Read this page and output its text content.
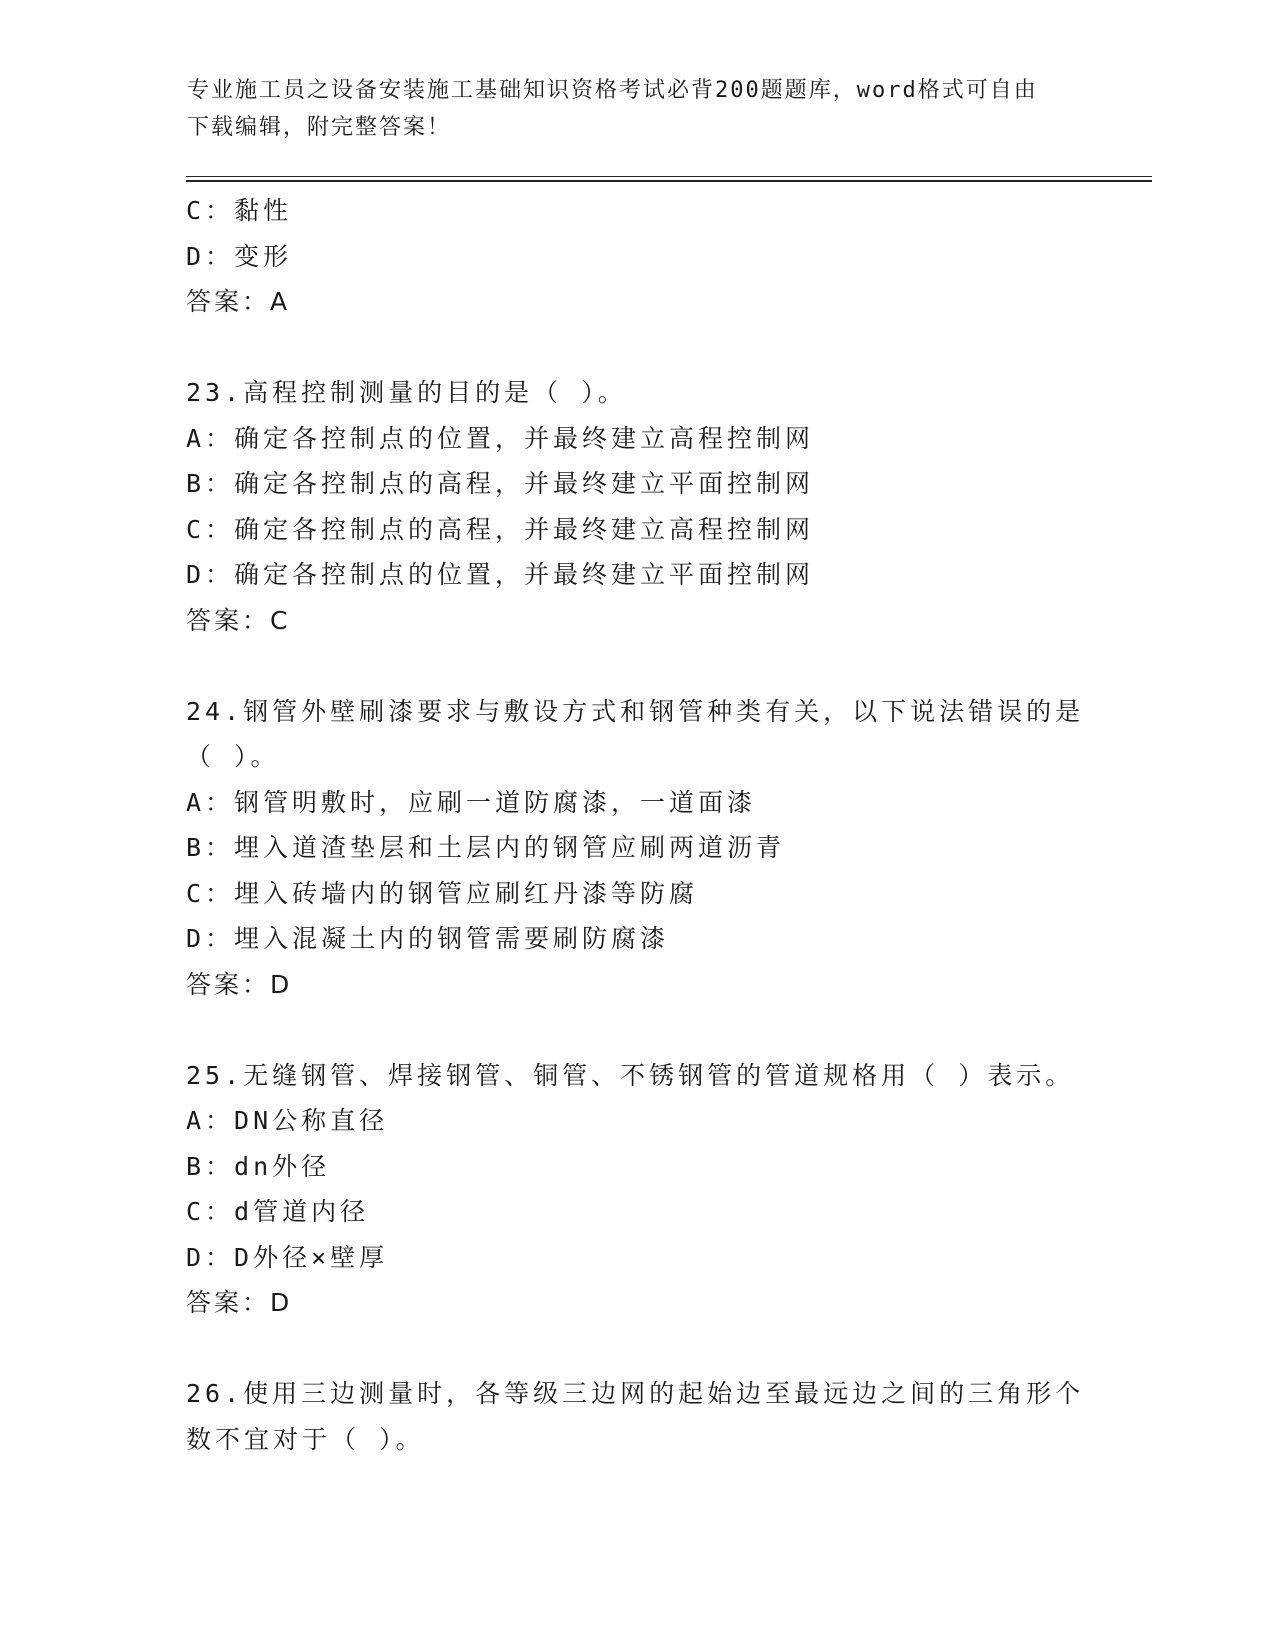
专业施工员之设备安装施工基础知识资格考试必背200题题库，word格式可自由
下载编辑，附完整答案！
C：黏性
D：变形
答案：A
23.高程控制测量的目的是（ ）。
A：确定各控制点的位置，并最终建立高程控制网
B：确定各控制点的高程，并最终建立平面控制网
C：确定各控制点的高程，并最终建立高程控制网
D：确定各控制点的位置，并最终建立平面控制网
答案：C
24.钢管外壁刷漆要求与敷设方式和钢管种类有关，以下说法错误的是
（ ）。
A：钢管明敷时，应刷一道防腐漆，一道面漆
B：埋入道渣垫层和土层内的钢管应刷两道沥青
C：埋入砖墙内的钢管应刷红丹漆等防腐
D：埋入混凝土内的钢管需要刷防腐漆
答案：D
25.无缝钢管、焊接钢管、铜管、不锈钢管的管道规格用（ ）表示。
A：DN公称直径
B：dn外径
C：d管道内径
D：D外径×壁厚
答案：D
26.使用三边测量时，各等级三边网的起始边至最远边之间的三角形个
数不宜对于（ ）。
